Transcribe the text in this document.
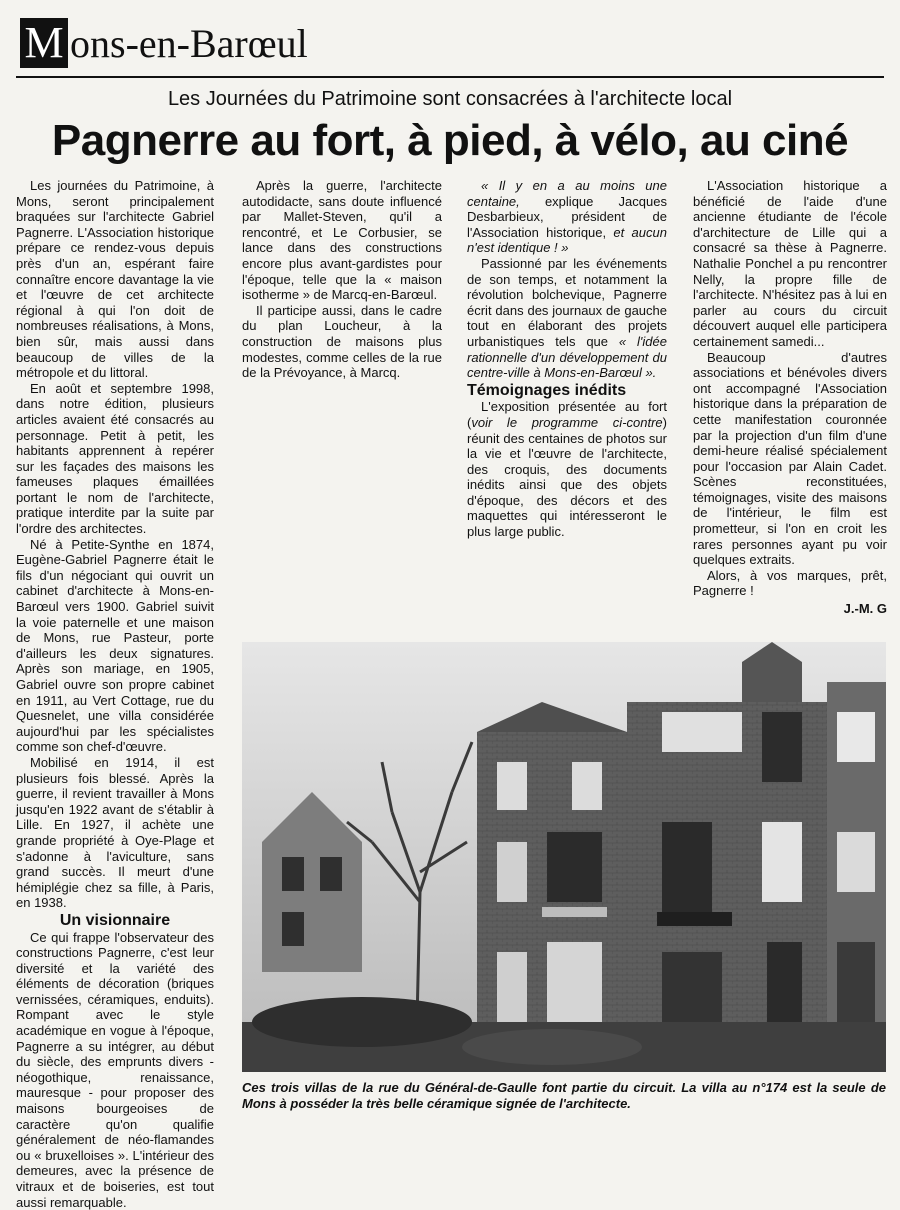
M ons-en-Barœul
Les Journées du Patrimoine sont consacrées à l'architecte local
Pagnerre au fort, à pied, à vélo, au ciné

Les journées du Patrimoine, à Mons, seront principalement braquées sur l'architecte Gabriel Pagnerre. L'Association historique prépare ce rendez-vous depuis près d'un an, espérant faire connaître encore davantage la vie et l'œuvre de cet architecte régional à qui l'on doit de nombreuses réalisations, à Mons, bien sûr, mais aussi dans beaucoup de villes de la métropole et du littoral.

En août et septembre 1998, dans notre édition, plusieurs articles avaient été consacrés au personnage. Petit à petit, les habitants apprennent à repérer sur les façades des maisons les fameuses plaques émaillées portant le nom de l'architecte, pratique interdite par la suite par l'ordre des architectes.

Né à Petite-Synthe en 1874, Eugène-Gabriel Pagnerre était le fils d'un négociant qui ouvrit un cabinet d'architecte à Mons-en-Barœul vers 1900. Gabriel suivit la voie paternelle et une maison de Mons, rue Pasteur, porte d'ailleurs les deux signatures. Après son mariage, en 1905, Gabriel ouvre son propre cabinet en 1911, au Vert Cottage, rue du Quesnelet, une villa considérée aujourd'hui par les spécialistes comme son chef-d'œuvre.

Mobilisé en 1914, il est plusieurs fois blessé. Après la guerre, il revient travailler à Mons jusqu'en 1922 avant de s'établir à Lille. En 1927, il achète une grande propriété à Oye-Plage et s'adonne à l'aviculture, sans grand succès. Il meurt d'une hémiplégie chez sa fille, à Paris, en 1938.

Un visionnaire

Ce qui frappe l'observateur des constructions Pagnerre, c'est leur diversité et la variété des éléments de décoration (briques vernissées, céramiques, enduits). Rompant avec le style académique en vogue à l'époque, Pagnerre a su intégrer, au début du siècle, des emprunts divers - néogothique, renaissance, mauresque - pour proposer des maisons bourgeoises de caractère qu'on qualifie généralement de néo-flamandes ou « bruxelloises ». L'intérieur des demeures, avec la présence de vitraux et de boiseries, est tout aussi remarquable.

Après la guerre, l'architecte autodidacte, sans doute influencé par Mallet-Steven, qu'il a rencontré, et Le Corbusier, se lance dans des constructions encore plus avant-gardistes pour l'époque, telle que la « maison isotherme » de Marcq-en-Barœul.

Il participe aussi, dans le cadre du plan Loucheur, à la construction de maisons plus modestes, comme celles de la rue de la Prévoyance, à Marcq.

« Il y en a au moins une centaine, explique Jacques Desbarbieux, président de l'Association historique, et aucun n'est identique ! »

Passionné par les événements de son temps, et notamment la révolution bolchevique, Pagnerre écrit dans des journaux de gauche tout en élaborant des projets urbanistiques tels que « l'idée rationnelle d'un développement du centre-ville à Mons-en-Barœul ».

Témoignages inédits

L'exposition présentée au fort (voir le programme ci-contre) réunit des centaines de photos sur la vie et l'œuvre de l'architecte, des croquis, des documents inédits ainsi que des objets d'époque, des décors et des maquettes qui intéresseront le plus large public.

L'Association historique a bénéficié de l'aide d'une ancienne étudiante de l'école d'architecture de Lille qui a consacré sa thèse à Pagnerre. Nathalie Ponchel a pu rencontrer Nelly, la propre fille de l'architecte. N'hésitez pas à lui en parler au cours du circuit découvert auquel elle participera certainement samedi...

Beaucoup d'autres associations et bénévoles divers ont accompagné l'Association historique dans la préparation de cette manifestation couronnée par la projection d'un film d'une demi-heure réalisé spécialement pour l'occasion par Alain Cadet. Scènes reconstituées, témoignages, visite des maisons de l'intérieur, le film est prometteur, si l'on en croit les rares personnes ayant pu voir quelques extraits.

Alors, à vos marques, prêt, Pagnerre !

J.-M. G
Ces trois villas de la rue du Général-de-Gaulle font partie du circuit. La villa au n°174 est la seule de Mons à posséder la très belle céramique signée de l'architecte.
